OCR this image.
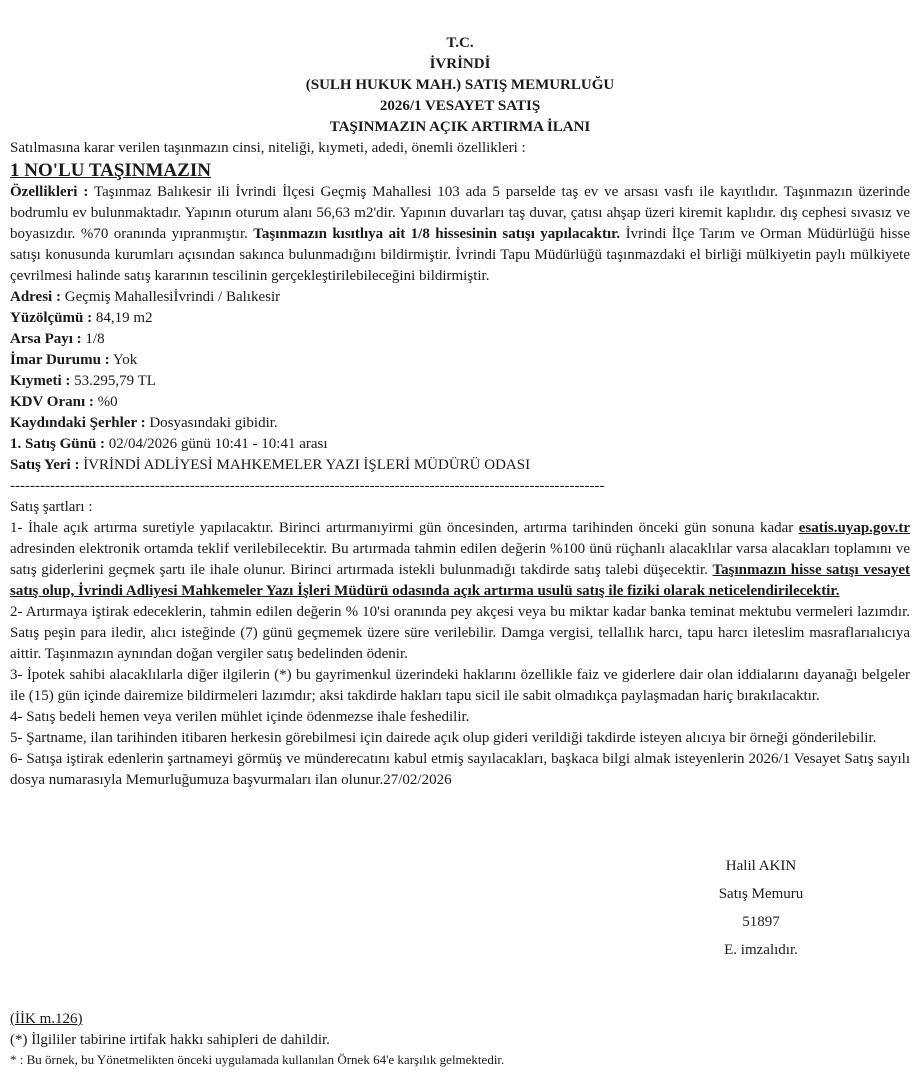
T.C.
İVRİNDİ
(SULH HUKUK MAH.) SATIŞ MEMURLUĞU
2026/1 VESAYET SATIŞ
TAŞINMAZIN AÇIK ARTIRMA İLANI
Satılmasına karar verilen taşınmazın cinsi, niteliği, kıymeti, adedi, önemli özellikleri :
1 NO'LU TAŞINMAZIN
Özellikleri : Taşınmaz Balıkesir ili İvrindi İlçesi Geçmiş Mahallesi 103 ada 5 parselde taş ev ve arsası vasfı ile kayıtlıdır. Taşınmazın üzerinde bodrumlu ev bulunmaktadır. Yapının oturum alanı 56,63 m2'dir. Yapının duvarları taş duvar, çatısı ahşap üzeri kiremit kaplıdır. dış cephesi sıvasız ve boyasızdır. %70 oranında yıpranmıştır. Taşınmazın kısıtlıya ait 1/8 hissesinin satışı yapılacaktır. İvrindi İlçe Tarım ve Orman Müdürlüğü hisse satışı konusunda kurumları açısından sakınca bulunmadığını bildirmiştir. İvrindi Tapu Müdürlüğü taşınmazdaki el birliği mülkiyetin paylı mülkiyete çevrilmesi halinde satış kararının tescilinin gerçekleştirilebileceğini bildirmiştir.
Adresi : Geçmiş Mahallesiİvrindi / Balıkesir
Yüzölçümü : 84,19 m2
Arsa Payı : 1/8
İmar Durumu : Yok
Kıymeti : 53.295,79 TL
KDV Oranı : %0
Kaydındaki Şerhler : Dosyasındaki gibidir.
1. Satış Günü : 02/04/2026 günü 10:41 - 10:41 arası
Satış Yeri : İVRİNDİ ADLİYESİ MAHKEMELER YAZI İŞLERİ MÜDÜRÜ ODASI
-----------------------------------------------------------------------------------------------------------------------
Satış şartları :
1- İhale açık artırma suretiyle yapılacaktır. Birinci artırmanıyirmi gün öncesinden, artırma tarihinden önceki gün sonuna kadar esatis.uyap.gov.tr adresinden elektronik ortamda teklif verilebilecektir. Bu artırmada tahmin edilen değerin %100 ünü rüçhanlı alacaklılar varsa alacakları toplamını ve satış giderlerini geçmek şartı ile ihale olunur. Birinci artırmada istekli bulunmadığı takdirde satış talebi düşecektir. Taşınmazın hisse satışı vesayet satış olup, İvrindi Adliyesi Mahkemeler Yazı İşleri Müdürü odasında açık artırma usulü satış ile fiziki olarak neticelendirilecektir.
2- Artırmaya iştirak edeceklerin, tahmin edilen değerin % 10'si oranında pey akçesi veya bu miktar kadar banka teminat mektubu vermeleri lazımdır. Satış peşin para iledir, alıcı isteğinde (7) günü geçmemek üzere süre verilebilir. Damga vergisi, tellallık harcı, tapu harcı ileteslim masraflarıalıcıya aittir. Taşınmazın aynından doğan vergiler satış bedelinden ödenir.
3- İpotek sahibi alacaklılarla diğer ilgilerin (*) bu gayrimenkul üzerindeki haklarını özellikle faiz ve giderlere dair olan iddialarını dayanağı belgeler ile (15) gün içinde dairemize bildirmeleri lazımdır; aksi takdirde hakları tapu sicil ile sabit olmadıkça paylaşmadan hariç bırakılacaktır.
4- Satış bedeli hemen veya verilen mühlet içinde ödenmezse ihale feshedilir.
5- Şartname, ilan tarihinden itibaren herkesin görebilmesi için dairede açık olup gideri verildiği takdirde isteyen alıcıya bir örneği gönderilebilir.
6- Satışa iştirak edenlerin şartnameyi görmüş ve münderecatını kabul etmiş sayılacakları, başkaca bilgi almak isteyenlerin 2026/1 Vesayet Satış sayılı dosya numarasıyla Memurluğumuza başvurmaları ilan olunur.27/02/2026
Halil AKIN
Satış Memuru
51897
E. imzalıdır.
(İİK m.126)
(*) İlgililer tabirine irtifak hakkı sahipleri de dahildir.
* : Bu örnek, bu Yönetmelikten önceki uygulamada kullanılan Örnek 64'e karşılık gelmektedir.
